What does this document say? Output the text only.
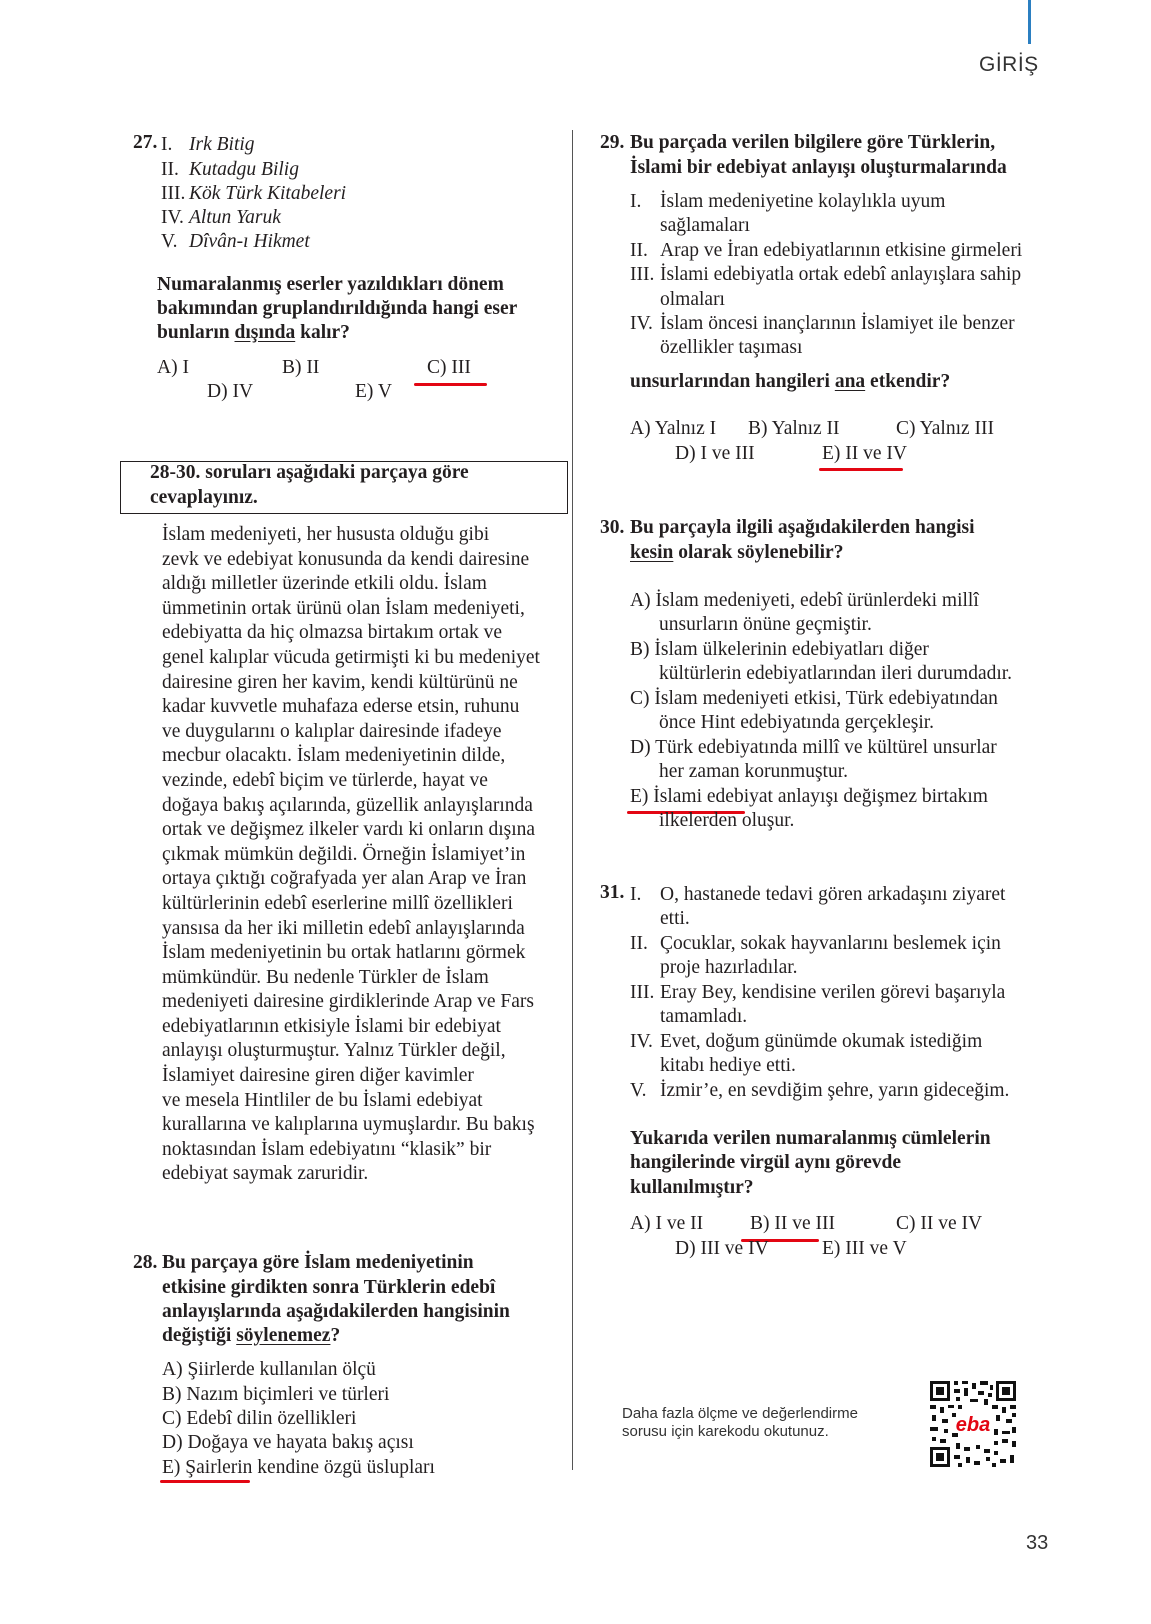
GİRİŞ
27. I. Irk Bitig
II. Kutadgu Bilig
III. Kök Türk Kitabeleri
IV. Altun Yaruk
V. Dîvân-ı Hikmet
Numaralanmış eserler yazıldıkları dönem
bakımından gruplandırıldığında hangi eser
bunların dışında kalır?
A) I	B) II	C) III
D) IV	E) V
28-30. soruları aşağıdaki parçaya göre
cevaplayınız.
İslam medeniyeti, her hususta olduğu gibi
zevk ve edebiyat konusunda da kendi dairesine
aldığı milletler üzerinde etkili oldu. İslam
ümmetinin ortak ürünü olan İslam medeniyeti,
edebiyatta da hiç olmazsa birtakım ortak ve
genel kalıplar vücuda getirmişti ki bu medeniyet
dairesine giren her kavim, kendi kültürünü ne
kadar kuvvetle muhafaza ederse etsin, ruhunu
ve duygularını o kalıplar dairesinde ifadeye
mecbur olacaktı. İslam medeniyetinin dilde,
vezinde, edebî biçim ve türlerde, hayat ve
doğaya bakış açılarında, güzellik anlayışlarında
ortak ve değişmez ilkeler vardı ki onların dışına
çıkmak mümkün değildi. Örneğin İslamiyet’in
ortaya çıktığı coğrafyada yer alan Arap ve İran
kültürlerinin edebî eserlerine millî özellikleri
yansısa da her iki milletin edebî anlayışlarında
İslam medeniyetinin bu ortak hatlarını görmek
mümkündür. Bu nedenle Türkler de İslam
medeniyeti dairesine girdiklerinde Arap ve Fars
edebiyatlarının etkisiyle İslami bir edebiyat
anlayışı oluşturmuştur. Yalnız Türkler değil,
İslamiyet dairesine giren diğer kavimler
ve mesela Hintliler de bu İslami edebiyat
kurallarına ve kalıplarına uymuşlardır. Bu bakış
noktasından İslam edebiyatını “klasik” bir
edebiyat saymak zaruridir.
28. Bu parçaya göre İslam medeniyetinin
etkisine girdikten sonra Türklerin edebî
anlayışlarında aşağıdakilerden hangisinin
değiştiği söylenemez?
A) Şiirlerde kullanılan ölçü
B) Nazım biçimleri ve türleri
C) Edebî dilin özellikleri
D) Doğaya ve hayata bakış açısı
E) Şairlerin kendine özgü üslupları
29. Bu parçada verilen bilgilere göre Türklerin,
İslami bir edebiyat anlayışı oluşturmalarında
I. İslam medeniyetine kolaylıkla uyum
sağlamaları
II. Arap ve İran edebiyatlarının etkisine girmeleri
III. İslami edebiyatla ortak edebî anlayışlara sahip
olmaları
IV. İslam öncesi inançlarının İslamiyet ile benzer
özellikler taşıması
unsurlarından hangileri ana etkendir?
A) Yalnız I B) Yalnız II	C) Yalnız III
D) I ve III	E) II ve IV
30. Bu parçayla ilgili aşağıdakilerden hangisi
kesin olarak söylenebilir?
A) İslam medeniyeti, edebî ürünlerdeki millî
unsurların önüne geçmiştir.
B) İslam ülkelerinin edebiyatları diğer
kültürlerin edebiyatlarından ileri durumdadır.
C) İslam medeniyeti etkisi, Türk edebiyatından
önce Hint edebiyatında gerçekleşir.
D) Türk edebiyatında millî ve kültürel unsurlar
her zaman korunmuştur.
E) İslami edebiyat anlayışı değişmez birtakım
ilkelerden oluşur.
31. I. O, hastanede tedavi gören arkadaşını ziyaret
etti.
II. Çocuklar, sokak hayvanlarını beslemek için
proje hazırladılar.
III. Eray Bey, kendisine verilen görevi başarıyla
tamamladı.
IV. Evet, doğum günümde okumak istediğim
kitabı hediye etti.
V. İzmir’e, en sevdiğim şehre, yarın gideceğim.
Yukarıda verilen numaralanmış cümlelerin
hangilerinde virgül aynı görevde
kullanılmıştır?
A) I ve II B) II ve III	C) II ve IV
D) III ve IV	E) III ve V
Daha fazla ölçme ve değerlendirme
sorusu için karekodu okutunuz.	eba
33
